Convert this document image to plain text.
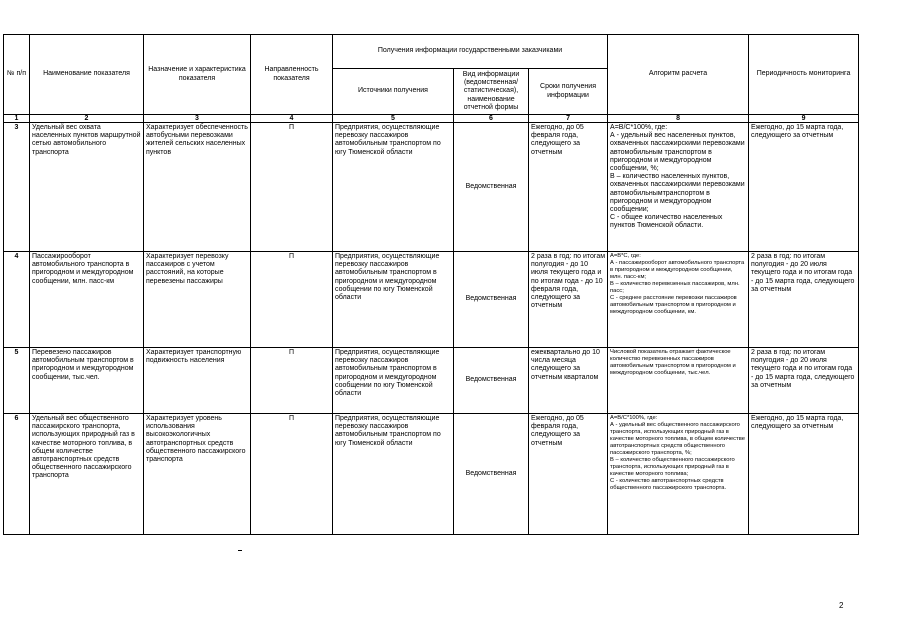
№ п/п	Наименование показателя	Назначение и характеристика показателя	Направленность показателя	Получения информации государственными заказчиками			Алгоритм расчета	Периодичность мониторинга
				Источники получения	Вид информации (ведомственная/ статистическая), наименование отчетной формы	Сроки получения информации		
1	2	3	4	5	6	7	8	9
3	Удельный вес охвата населенных пунктов маршрутной сетью автомобильного транспорта	Характеризует обеспеченность автобусными перевозками жителей сельских населенных пунктов	П	Предприятия, осуществляющие перевозку пассажиров автомобильным транспортом по югу Тюменской области	Ведомственная	Ежегодно, до 05 февраля года, следующего за отчетным	A=B/C*100%, где:
А - удельный вес населенных пунктов, охваченных пассажирскими перевозками автомобильным транспортом в пригородном и междугородном сообщении, %;
В – количество населенных пунктов, охваченных пассажирскими перевозками автомобильнымтранспортом в пригородном и междугородном сообщении;
С - общее количество населенных пунктов Тюменской области.	Ежегодно, до 15 марта года, следующего за отчетным
4	Пассажирооборот автомобильного транспорта в пригородном и междугородном сообщении, млн. пасс-км	Характеризует перевозку пассажиров с учетом расстояний, на которые перевезены пассажиры	П	Предприятия, осуществляющие перевозку пассажиров автомобильным транспортом в пригородном и междугородном сообщении по югу Тюменской области	Ведомственная	2 раза в год: по итогам полугодия - до 10 июля текущего года и по итогам года - до 10 февраля года, следующего за отчетным	А=В*С, где:
А - пассажирооборот автомобильного транспорта в пригородном и междугородном сообщении, млн. пасс-км;
В – количество перевезенных пассажиров, млн. пасс;
С - среднее расстояние перевозки пассажиров автомобильным транспортом в пригородном и междугородном сообщении, км.	2 раза в год: по итогам полугодия - до 20 июля текущего года и по итогам года - до 15 марта года, следующего за отчетным
5	Перевезено пассажиров автомобильным транспортом в пригородном и междугородном сообщении, тыс.чел.	Характеризует транспортную подвижность населения	П	Предприятия, осуществляющие перевозку пассажиров автомобильным транспортом в пригородном и междугородном сообщении по югу Тюменской области	Ведомственная	ежеквартально до 10 числа месяца следующего за отчетным кварталом	Числовой показатель отражает фактическое количество перевезенных пассажиров автомобильным транспортом в пригородном и междугородном сообщении, тыс.чел.	2 раза в год: по итогам полугодия - до 20 июля текущего года и по итогам года - до 15 марта года, следующего за отчетным
6	Удельный вес общественного пассажирского транспорта, использующих природный газ в качестве моторного топлива, в общем количестве автотранспортных средств общественного пассажирского транспорта	Характеризует уровень использования высокоэкологичных автотранспортных средств общественного пассажирского транспорта	П	Предприятия, осуществляющие перевозку пассажиров автомобильным транспортом по югу Тюменской области	Ведомственная	Ежегодно, до 05 февраля года, следующего за отчетным	A=B/C*100%, где:
А - удельный вес общественного пассажирского транспорта, использующих природный газ в качестве моторного топлива, в общем количестве автотранспортных средств общественного пассажирского транспорта, %;
В – количество общественного пассажирского транспорта, использующих природный газ в качестве моторного топлива;
С - количество автотранспортных средств общественного пассажирского транспорта.	Ежегодно, до 15 марта года, следующего за отчетным
2
